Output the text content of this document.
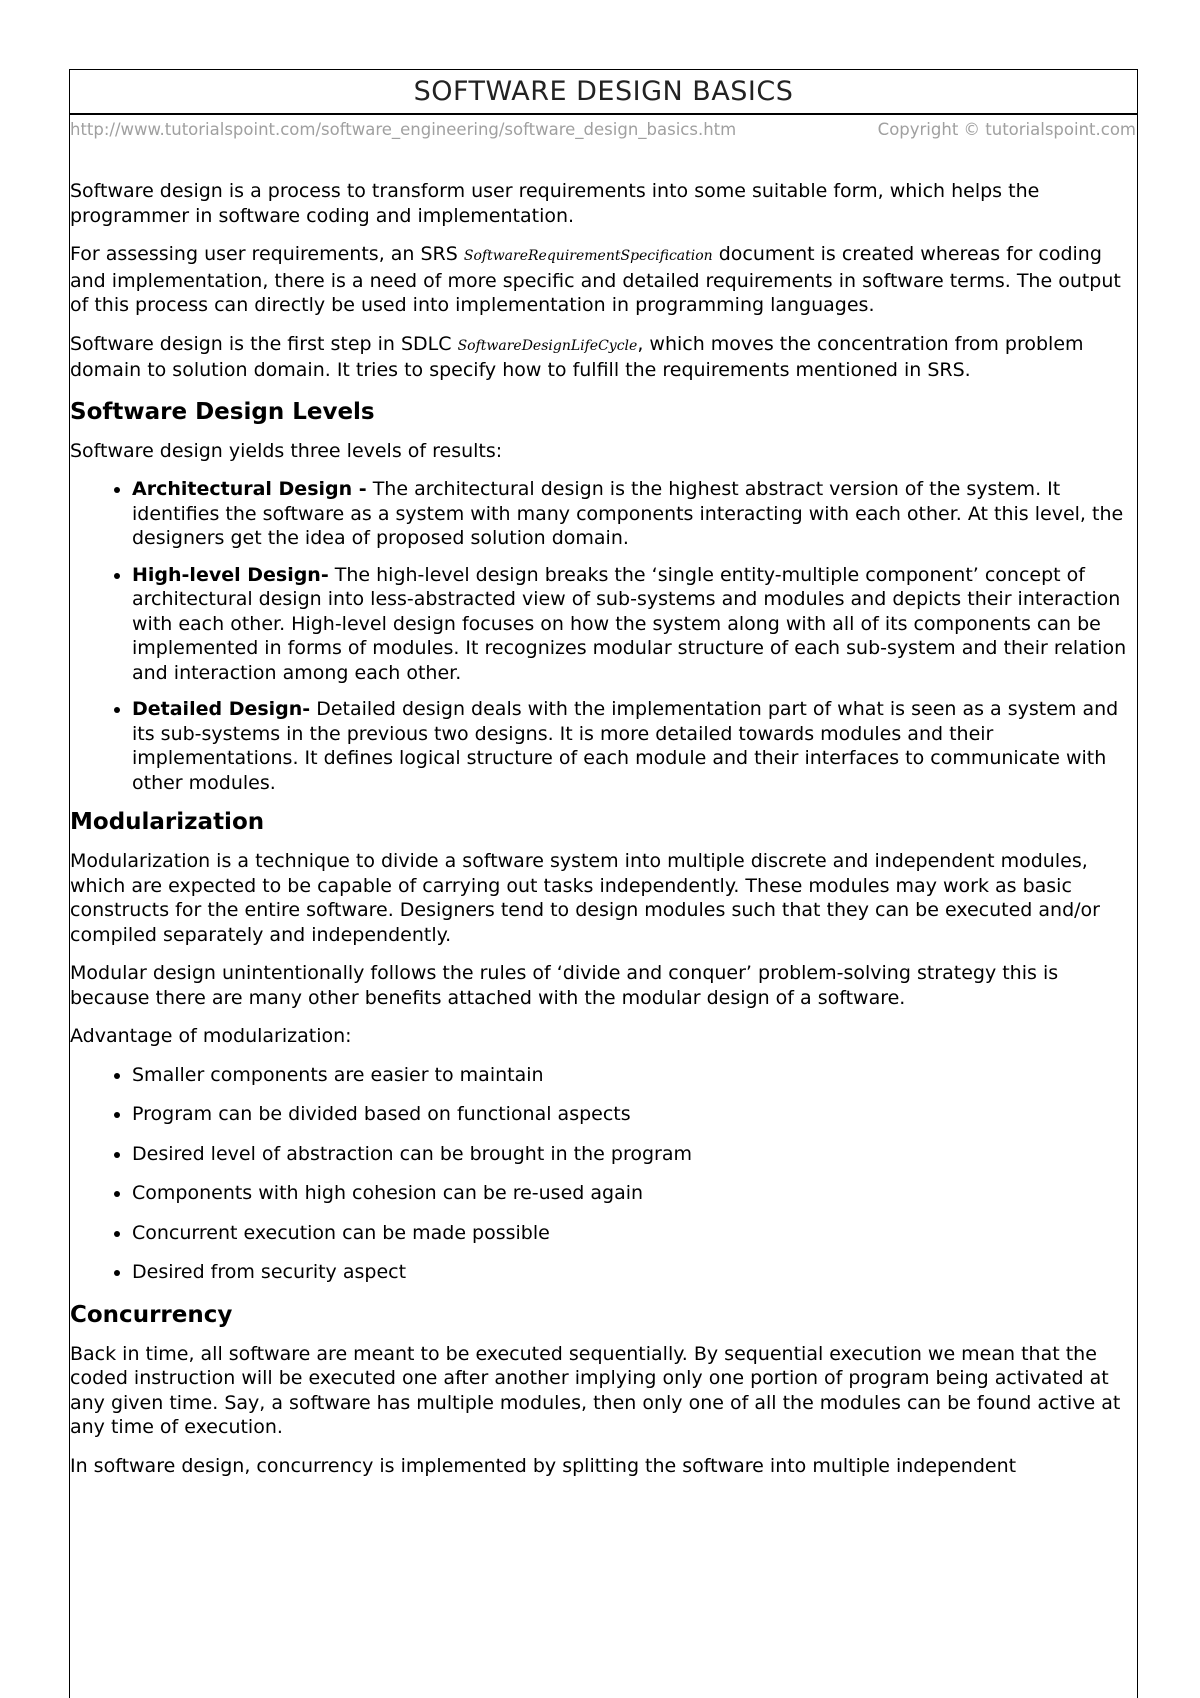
SOFTWARE DESIGN BASICS
http://www.tutorialspoint.com/software_engineering/software_design_basics.htm	Copyright © tutorialspoint.com

Software design is a process to transform user requirements into some suitable form, which helps the programmer in software coding and implementation.

For assessing user requirements, an SRS SoftwareRequirementSpecification document is created whereas for coding and implementation, there is a need of more specific and detailed requirements in software terms. The output of this process can directly be used into implementation in programming languages.

Software design is the first step in SDLC SoftwareDesignLifeCycle, which moves the concentration from problem domain to solution domain. It tries to specify how to fulfill the requirements mentioned in SRS.

Software Design Levels

Software design yields three levels of results:

• Architectural Design - The architectural design is the highest abstract version of the system. It identifies the software as a system with many components interacting with each other. At this level, the designers get the idea of proposed solution domain.
• High-level Design- The high-level design breaks the ‘single entity-multiple component’ concept of architectural design into less-abstracted view of sub-systems and modules and depicts their interaction with each other. High-level design focuses on how the system along with all of its components can be implemented in forms of modules. It recognizes modular structure of each sub-system and their relation and interaction among each other.
• Detailed Design- Detailed design deals with the implementation part of what is seen as a system and its sub-systems in the previous two designs. It is more detailed towards modules and their implementations. It defines logical structure of each module and their interfaces to communicate with other modules.
Modularization

Modularization is a technique to divide a software system into multiple discrete and independent modules, which are expected to be capable of carrying out tasks independently. These modules may work as basic constructs for the entire software. Designers tend to design modules such that they can be executed and/or compiled separately and independently.

Modular design unintentionally follows the rules of ‘divide and conquer’ problem-solving strategy this is because there are many other benefits attached with the modular design of a software.

Advantage of modularization:

• Smaller components are easier to maintain
• Program can be divided based on functional aspects
• Desired level of abstraction can be brought in the program
• Components with high cohesion can be re-used again
• Concurrent execution can be made possible
• Desired from security aspect
Concurrency

Back in time, all software are meant to be executed sequentially. By sequential execution we mean that the coded instruction will be executed one after another implying only one portion of program being activated at any given time. Say, a software has multiple modules, then only one of all the modules can be found active at any time of execution.

In software design, concurrency is implemented by splitting the software into multiple independent
